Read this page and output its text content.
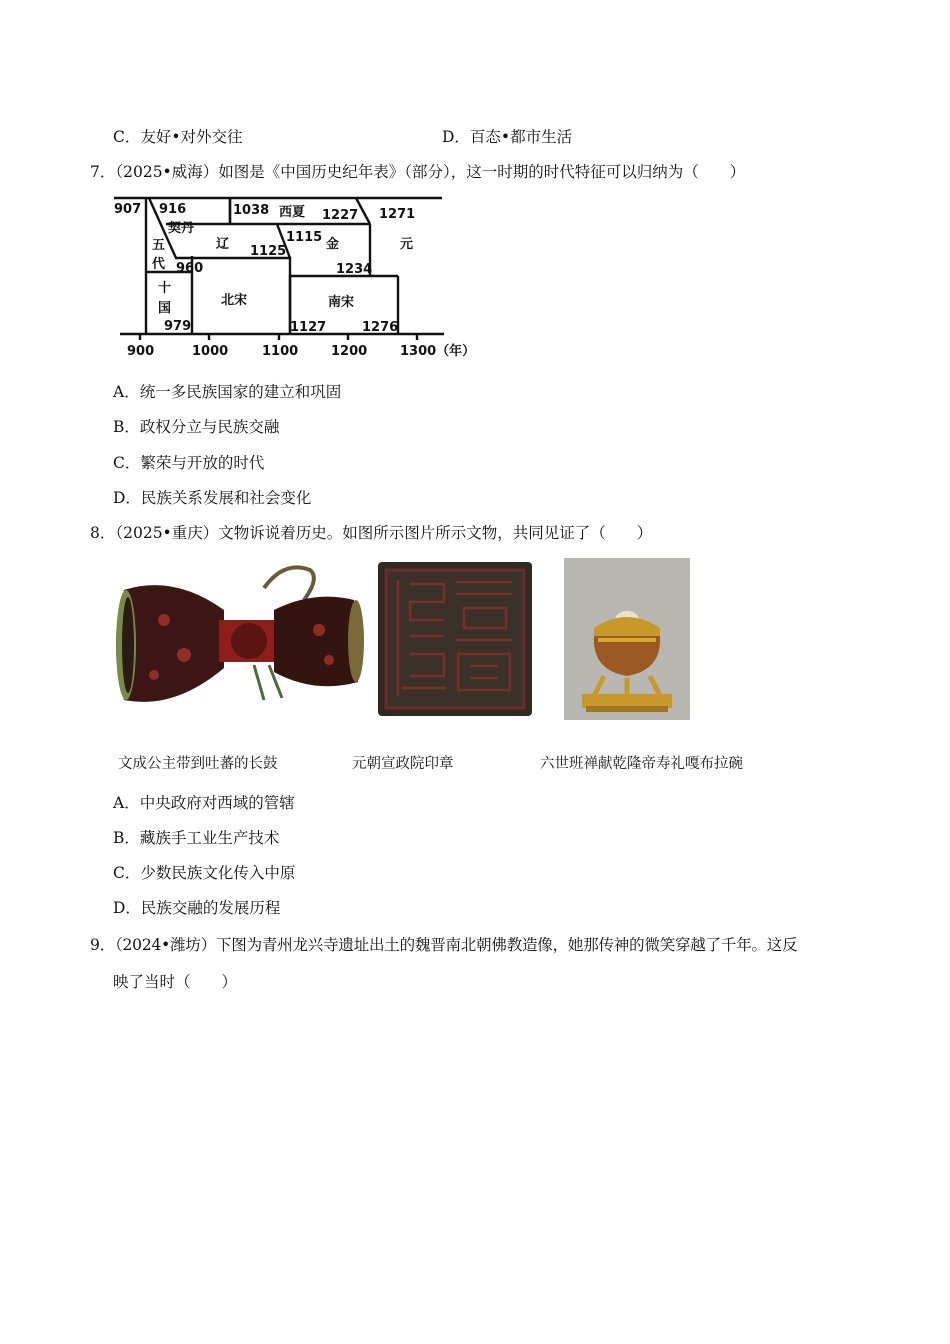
C．友好•对外交往	D．百态•都市生活
7．（2025•威海）如图是《中国历史纪年表》（部分），这一时期的时代特征可以归纳为（　　）
907 916
契丹
1038 西夏 1227 1271
五
代
辽 1125
1115 金	元
960	1234
十
国
北宋	南宋
979	1127	1276
900	1000	1100	1200	1300（年）
A．统一多民族国家的建立和巩固
B．政权分立与民族交融
C．繁荣与开放的时代
D．民族关系发展和社会变化
8．（2025•重庆）文物诉说着历史。如图所示图片所示文物，共同见证了（　　）
文成公主带到吐蕃的长鼓	元朝宣政院印章	六世班禅献乾隆帝寿礼嘎布拉碗
A．中央政府对西域的管辖
B．藏族手工业生产技术
C．少数民族文化传入中原
D．民族交融的发展历程
9．（2024•潍坊）下图为青州龙兴寺遗址出土的魏晋南北朝佛教造像，她那传神的微笑穿越了千年。这反
映了当时（　　）
